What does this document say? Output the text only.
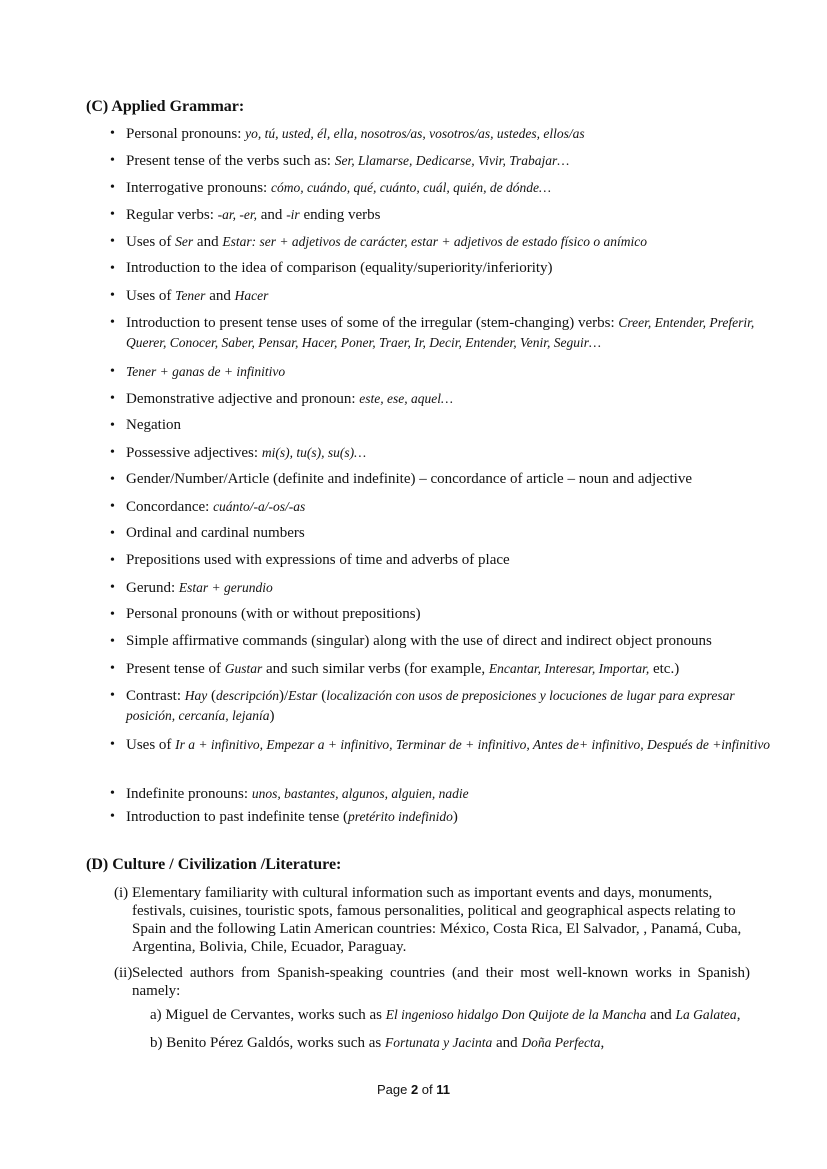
(C) Applied Grammar:
• Personal pronouns: yo, tú, usted, él, ella, nosotros/as, vosotros/as, ustedes, ellos/as
• Present tense of the verbs such as: Ser, Llamarse, Dedicarse, Vivir, Trabajar…
• Interrogative pronouns: cómo, cuándo, qué, cuánto, cuál, quién, de dónde…
• Regular verbs: -ar, -er, and -ir ending verbs
• Uses of Ser and Estar: ser + adjetivos de carácter, estar + adjetivos de estado físico o anímico
• Introduction to the idea of comparison (equality/superiority/inferiority)
• Uses of Tener and Hacer
• Introduction to present tense uses of some of the irregular (stem-changing) verbs: Creer, Entender, Preferir, Querer, Conocer, Saber, Pensar, Hacer, Poner, Traer, Ir, Decir, Entender, Venir, Seguir…
• Tener + ganas de + infinitivo
• Demonstrative adjective and pronoun: este, ese, aquel…
• Negation
• Possessive adjectives: mi(s), tu(s), su(s)…
• Gender/Number/Article (definite and indefinite) – concordance of article – noun and adjective
• Concordance: cuánto/-a/-os/-as
• Ordinal and cardinal numbers
• Prepositions used with expressions of time and adverbs of place
• Gerund: Estar + gerundio
• Personal pronouns (with or without prepositions)
• Simple affirmative commands (singular) along with the use of direct and indirect object pronouns
• Present tense of Gustar and such similar verbs (for example, Encantar, Interesar, Importar, etc.)
• Contrast: Hay (descripción)/Estar (localización con usos de preposiciones y locuciones de lugar para expresar posición, cercanía, lejanía)
• Uses of Ir a + infinitivo, Empezar a + infinitivo, Terminar de + infinitivo, Antes de+ infinitivo, Después de +infinitivo
• Indefinite pronouns: unos, bastantes, algunos, alguien, nadie
• Introduction to past indefinite tense (pretérito indefinido)
(D) Culture / Civilization /Literature:
(i) Elementary familiarity with cultural information such as important events and days, monuments, festivals, cuisines, touristic spots, famous personalities, political and geographical aspects relating to Spain and the following Latin American countries: México, Costa Rica, El Salvador, , Panamá, Cuba, Argentina, Bolivia, Chile, Ecuador, Paraguay.
(ii) Selected authors from Spanish-speaking countries (and their most well-known works in Spanish) namely:
a) Miguel de Cervantes, works such as El ingenioso hidalgo Don Quijote de la Mancha and La Galatea,
b) Benito Pérez Galdós, works such as Fortunata y Jacinta and Doña Perfecta,
Page 2 of 11
